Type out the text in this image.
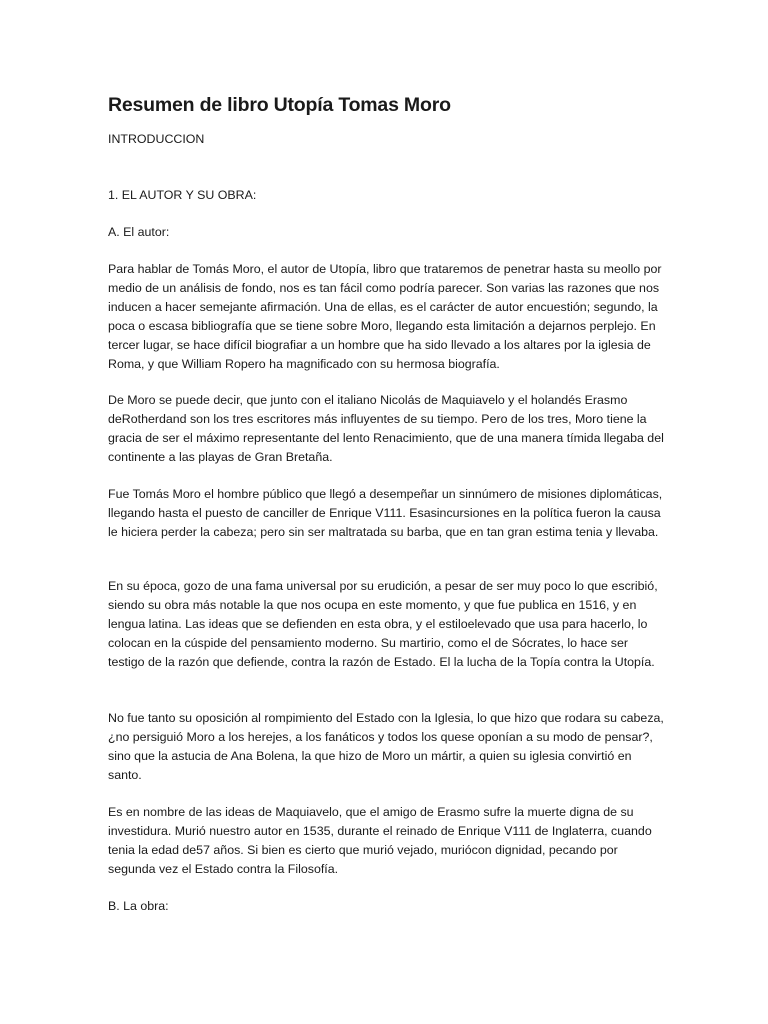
Resumen de libro Utopía Tomas Moro

INTRODUCCION

1. EL AUTOR Y SU OBRA:

A. El autor:

Para hablar de Tomás Moro, el autor de Utopía, libro que trataremos de penetrar hasta su meollo por medio de un análisis de fondo, nos es tan fácil como podría parecer. Son varias las razones que nos inducen a hacer semejante afirmación. Una de ellas, es el carácter de autor encuestión; segundo, la poca o escasa bibliografía que se tiene sobre Moro, llegando esta limitación a dejarnos perplejo. En tercer lugar, se hace difícil biografiar a un hombre que ha sido llevado a los altares por la iglesia de Roma, y que William Ropero ha magnificado con su hermosa biografía.

De Moro se puede decir, que junto con el italiano Nicolás de Maquiavelo y el holandés Erasmo deRotherdand son los tres escritores más influyentes de su tiempo. Pero de los tres, Moro tiene la gracia de ser el máximo representante del lento Renacimiento, que de una manera tímida llegaba del continente a las playas de Gran Bretaña.

Fue Tomás Moro el hombre público que llegó a desempeñar un sinnúmero de misiones diplomáticas, llegando hasta el puesto de canciller de Enrique V111. Esasincursiones en la política fueron la causa le hiciera perder la cabeza; pero sin ser maltratada su barba, que en tan gran estima tenia y llevaba.

En su época, gozo de una fama universal por su erudición, a pesar de ser muy poco lo que escribió, siendo su obra más notable la que nos ocupa en este momento, y que fue publica en 1516, y en lengua latina. Las ideas que se defienden en esta obra, y el estiloelevado que usa para hacerlo, lo colocan en la cúspide del pensamiento moderno. Su martirio, como el de Sócrates, lo hace ser testigo de la razón que defiende, contra la razón de Estado. El la lucha de la Topía contra la Utopía.

No fue tanto su oposición al rompimiento del Estado con la Iglesia, lo que hizo que rodara su cabeza, ¿no persiguió Moro a los herejes, a los fanáticos y todos los quese oponían a su modo de pensar?, sino que la astucia de Ana Bolena, la que hizo de Moro un mártir, a quien su iglesia convirtió en santo.

Es en nombre de las ideas de Maquiavelo, que el amigo de Erasmo sufre la muerte digna de su investidura. Murió nuestro autor en 1535, durante el reinado de Enrique V111 de Inglaterra, cuando tenia la edad de57 años. Si bien es cierto que murió vejado, muriócon dignidad, pecando por segunda vez el Estado contra la Filosofía.

B. La obra:
